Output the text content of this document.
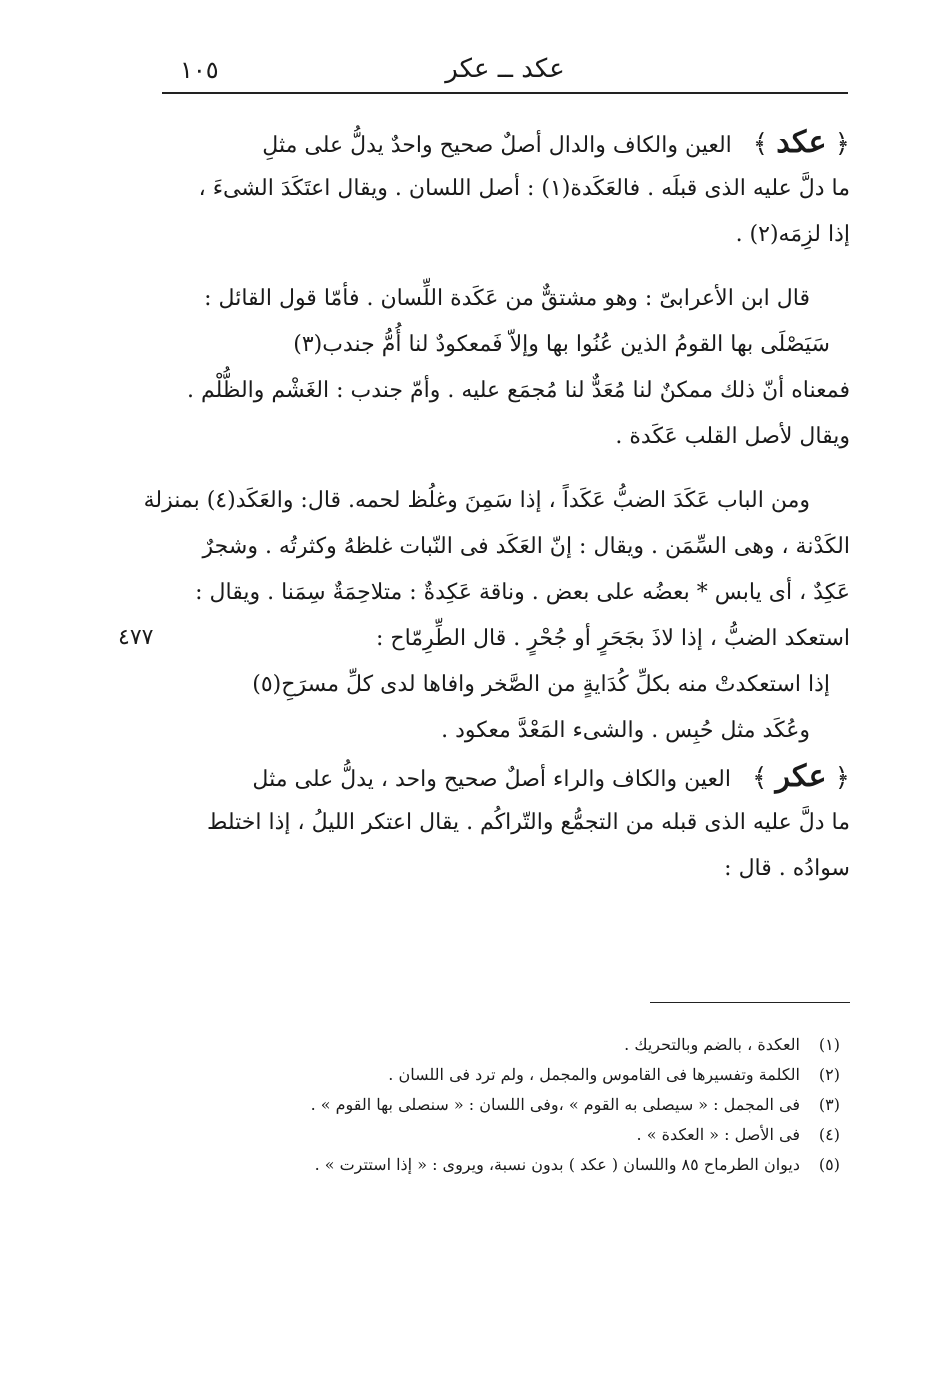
عكد ــ عكر
١٠٥
٤٧٧
﴿ عكد ﴾ العين والكاف والدال أصلٌ صحيح واحدٌ يدلُّ على مثلِ
ما دلَّ عليه الذى قبلَه . فالعَكَدة(١) : أصل اللسان . ويقال اعتَكَدَ الشىءَ ،
إذا لزِمَه(٢) .
قال ابن الأعرابىّ : وهو مشتقٌّ من عَكَدة اللِّسان . فأمّا قول القائل :
سَيَصْلَى بها القومُ الذين عُنُوا بها وإلاّ فَمعكودٌ لنا أُمُّ جندب(٣)
فمعناه أنّ ذلك ممكنٌ لنا مُعَدٌّ لنا مُجمَع عليه . وأمّ جندب : الغَشْم والظُّلْم .
ويقال لأصل القلب عَكَدة .
ومن الباب عَكَدَ الضبُّ عَكَداً ، إذا سَمِنَ وغلُظ لحمه. قال: والعَكَد(٤) بمنزلة
الكَدْنة ، وهى السِّمَن . ويقال : إنّ العَكَد فى النّبات غلظهُ وكثرتُه . وشجرٌ
عَكِدٌ ، أى يابس * بعضُه على بعض . وناقة عَكِدةٌ : متلاحِمَةٌ سِمَنا . ويقال :
استعكد الضبُّ ، إذا لاذَ بجَحَرٍ أو جُحْرٍ . قال الطِّرِمّاح :
إذا استعكدتْ منه بكلِّ كُدَايةٍ من الصَّخر وافاها لدى كلِّ مسرَحِ(٥)
وعُكَد مثل حُبِس . والشىء المَعْدَّ معكود .
﴿ عكر ﴾ العين والكاف والراء أصلٌ صحيح واحد ، يدلُّ على مثل
ما دلَّ عليه الذى قبله من التجمُّع والتّراكُم . يقال اعتكر الليلُ ، إذا اختلط
سوادُه . قال :
(١)العكدة ، بالضم وبالتحريك .
(٢)الكلمة وتفسيرها فى القاموس والمجمل ، ولم ترد فى اللسان .
(٣)فى المجمل : « سيصلى به القوم » ،وفى اللسان : « سنصلى بها القوم » .
(٤)فى الأصل : « العكدة » .
(٥)ديوان الطرماح ٨٥ واللسان ( عكد ) بدون نسبة، ويروى : « إذا استترت » .
